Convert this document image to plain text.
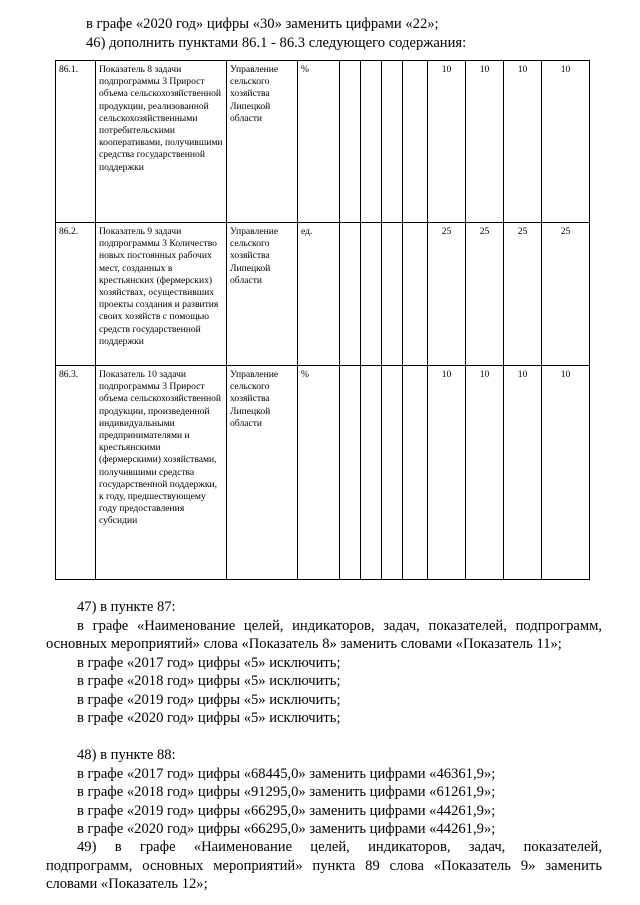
в графе «2020 год» цифры «30» заменить цифрами «22»;
46) дополнить пунктами 86.1 - 86.3 следующего содержания:
86.1.	Показатель 8 задачи подпрограммы 3 Прирост объема сельскохозяйственной продукции, реализованной сельскохозяйственными потребительскими кооперативами, получившими средства государственной поддержки	Управление сельского хозяйства Липецкой области	%					10	10	10	10
86.2.	Показатель 9 задачи подпрограммы 3 Количество новых постоянных рабочих мест, созданных в крестьянских (фермерских) хозяйствах, осуществивших проекты создания и развития своих хозяйств с помощью средств государственной поддержки	Управление сельского хозяйства Липецкой области	ед.					25	25	25	25
86.3.	Показатель 10 задачи подпрограммы 3 Прирост объема сельскохозяйственной продукции, произведенной индивидуальными предпринимателями и крестьянскими (фермерскими) хозяйствами, получившими средства государственной поддержки, к году, предшествующему году предоставления субсидии	Управление сельского хозяйства Липецкой области	%					10	10	10	10
47) в пункте 87:
в графе «Наименование целей, индикаторов, задач, показателей, подпрограмм,
основных мероприятий» слова «Показатель 8» заменить словами «Показатель 11»;
в графе «2017 год» цифры «5» исключить;
в графе «2018 год» цифры «5» исключить;
в графе «2019 год» цифры «5» исключить;
в графе «2020 год» цифры «5» исключить;
48) в пункте 88:
в графе «2017 год» цифры «68445,0» заменить цифрами «46361,9»;
в графе «2018 год» цифры «91295,0» заменить цифрами «61261,9»;
в графе «2019 год» цифры «66295,0» заменить цифрами «44261,9»;
в графе «2020 год» цифры «66295,0» заменить цифрами «44261,9»;
49) в графе «Наименование целей, индикаторов, задач, показателей,
подпрограмм, основных мероприятий» пункта 89 слова «Показатель 9» заменить
словами «Показатель 12»;
